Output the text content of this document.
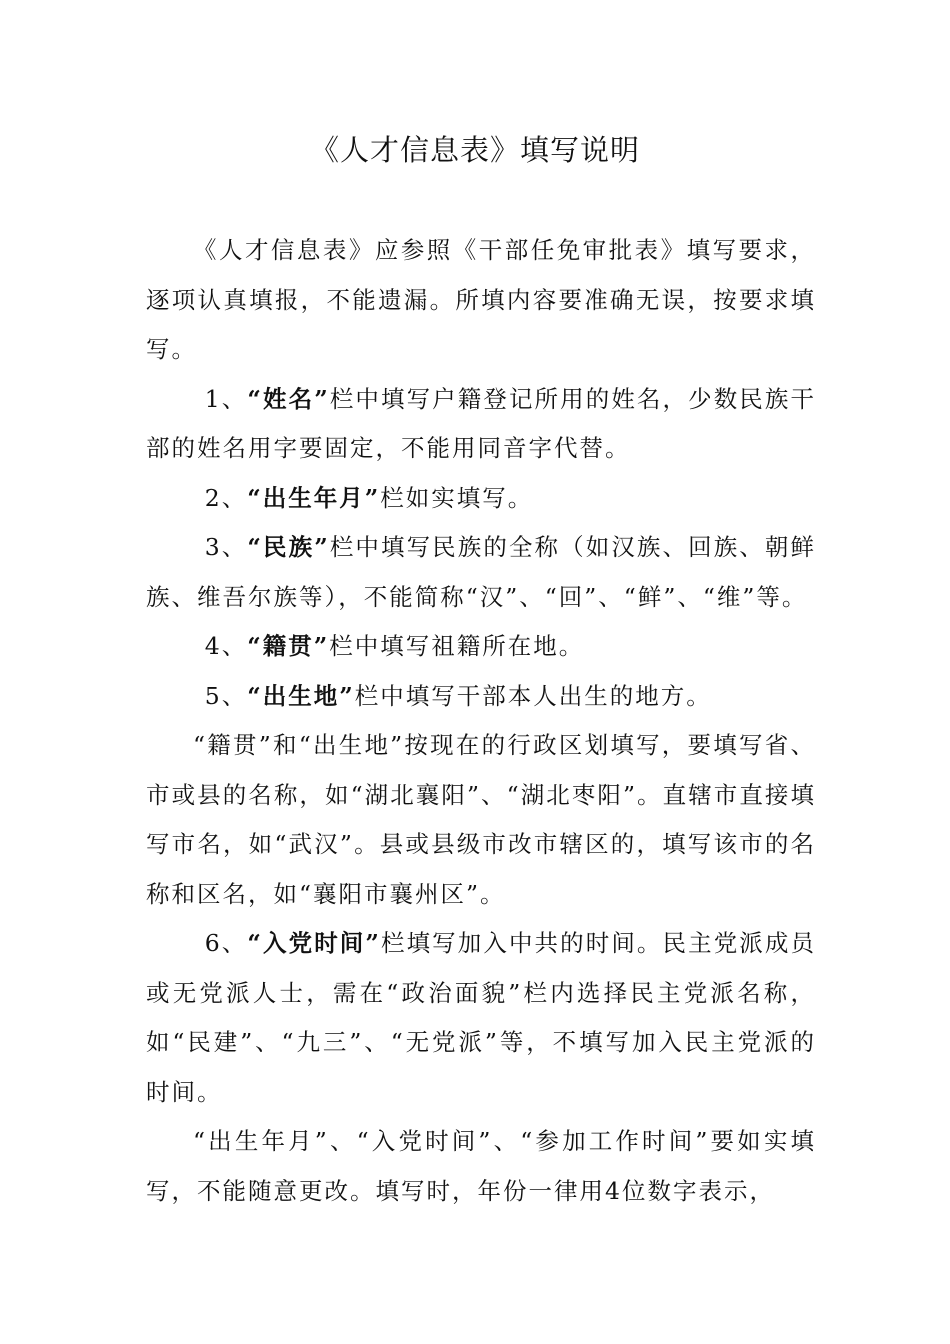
《人才信息表》填写说明

《人才信息表》应参照《干部任免审批表》填写要求，逐项认真填报，不能遗漏。所填内容要准确无误，按要求填写。

1、“姓名”栏中填写户籍登记所用的姓名，少数民族干部的姓名用字要固定，不能用同音字代替。

2、“出生年月”栏如实填写。

3、“民族”栏中填写民族的全称（如汉族、回族、朝鲜族、维吾尔族等），不能简称“汉”、“回”、“鲜”、“维”等。

4、“籍贯”栏中填写祖籍所在地。

5、“出生地”栏中填写干部本人出生的地方。

“籍贯”和“出生地”按现在的行政区划填写，要填写省、市或县的名称，如“湖北襄阳”、“湖北枣阳”。直辖市直接填写市名，如“武汉”。县或县级市改市辖区的，填写该市的名称和区名，如“襄阳市襄州区”。

6、“入党时间”栏填写加入中共的时间。民主党派成员或无党派人士，需在“政治面貌”栏内选择民主党派名称，如“民建”、“九三”、“无党派”等，不填写加入民主党派的时间。

“出生年月”、“入党时间”、“参加工作时间”要如实填写，不能随意更改。填写时，年份一律用4位数字表示，
